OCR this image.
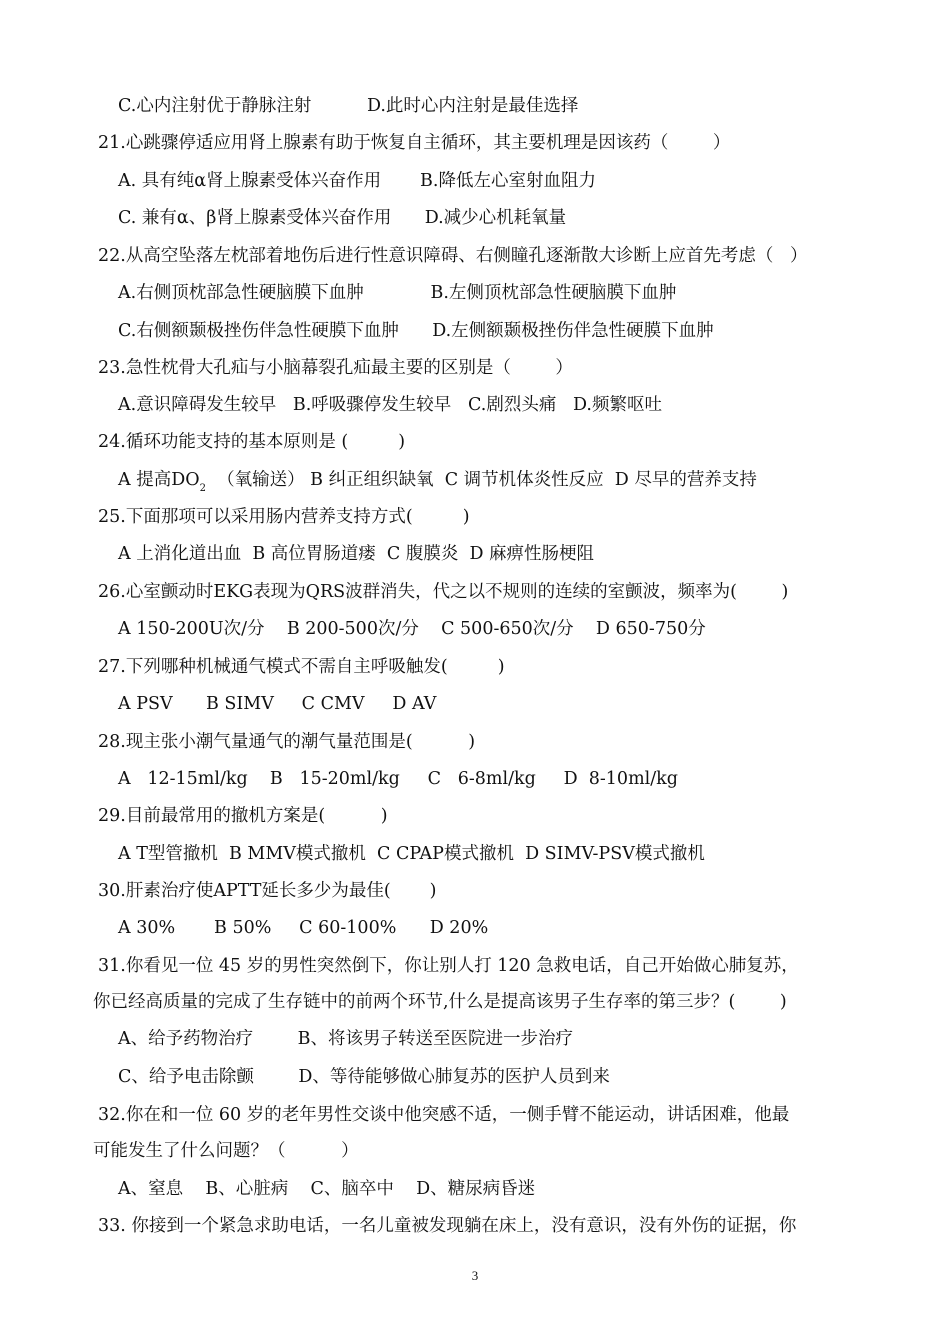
C.心内注射优于静脉注射          D.此时心内注射是最佳选择
21.心跳骤停适应用肾上腺素有助于恢复自主循环，其主要机理是因该药（        ）
A. 具有纯α肾上腺素受体兴奋作用       B.降低左心室射血阻力
C. 兼有α、β肾上腺素受体兴奋作用      D.减少心机耗氧量
22.从高空坠落左枕部着地伤后进行性意识障碍、右侧瞳孔逐渐散大诊断上应首先考虑（   ）
A.右侧顶枕部急性硬脑膜下血肿            B.左侧顶枕部急性硬脑膜下血肿
C.右侧额颞极挫伤伴急性硬膜下血肿      D.左侧额颞极挫伤伴急性硬膜下血肿
23.急性枕骨大孔疝与小脑幕裂孔疝最主要的区别是（        ）
A.意识障碍发生较早   B.呼吸骤停发生较早   C.剧烈头痛   D.频繁呕吐
24.循环功能支持的基本原则是 (         )
A 提高$DO_2$  （氧输送） B 纠正组织缺氧  C 调节机体炎性反应  D 尽早的营养支持
25.下面那项可以采用肠内营养支持方式(         )
A 上消化道出血  B 高位胃肠道瘘  C 腹膜炎  D 麻痹性肠梗阻
26.心室颤动时EKG表现为QRS波群消失，代之以不规则的连续的室颤波，频率为(        )
A 150-200U次/分    B 200-500次/分    C 500-650次/分    D 650-750分
27.下列哪种机械通气模式不需自主呼吸触发(         )
A PSV      B SIMV     C CMV     D AV
28.现主张小潮气量通气的潮气量范围是(          )
A   12-15ml/kg    B   15-20ml/kg     C   6-8ml/kg     D  8-10ml/kg
29.目前最常用的撤机方案是(          )
A T型管撤机  B MMV模式撤机  C CPAP模式撤机  D SIMV-PSV模式撤机
30.肝素治疗使APTT延长多少为最佳(       )
A 30%       B 50%     C 60-100%      D 20%
31.你看见一位 45 岁的男性突然倒下，你让别人打 120 急救电话，自己开始做心肺复苏，
你已经高质量的完成了生存链中的前两个环节,什么是提高该男子生存率的第三步？(        )
A、给予药物治疗        B、将该男子转送至医院进一步治疗
C、给予电击除颤        D、等待能够做心肺复苏的医护人员到来
32.你在和一位 60 岁的老年男性交谈中他突感不适，一侧手臂不能运动，讲话困难，他最
可能发生了什么问题？（          ）
A、窒息    B、心脏病    C、脑卒中    D、糖尿病昏迷
33. 你接到一个紧急求助电话，一名儿童被发现躺在床上，没有意识，没有外伤的证据，你
3
